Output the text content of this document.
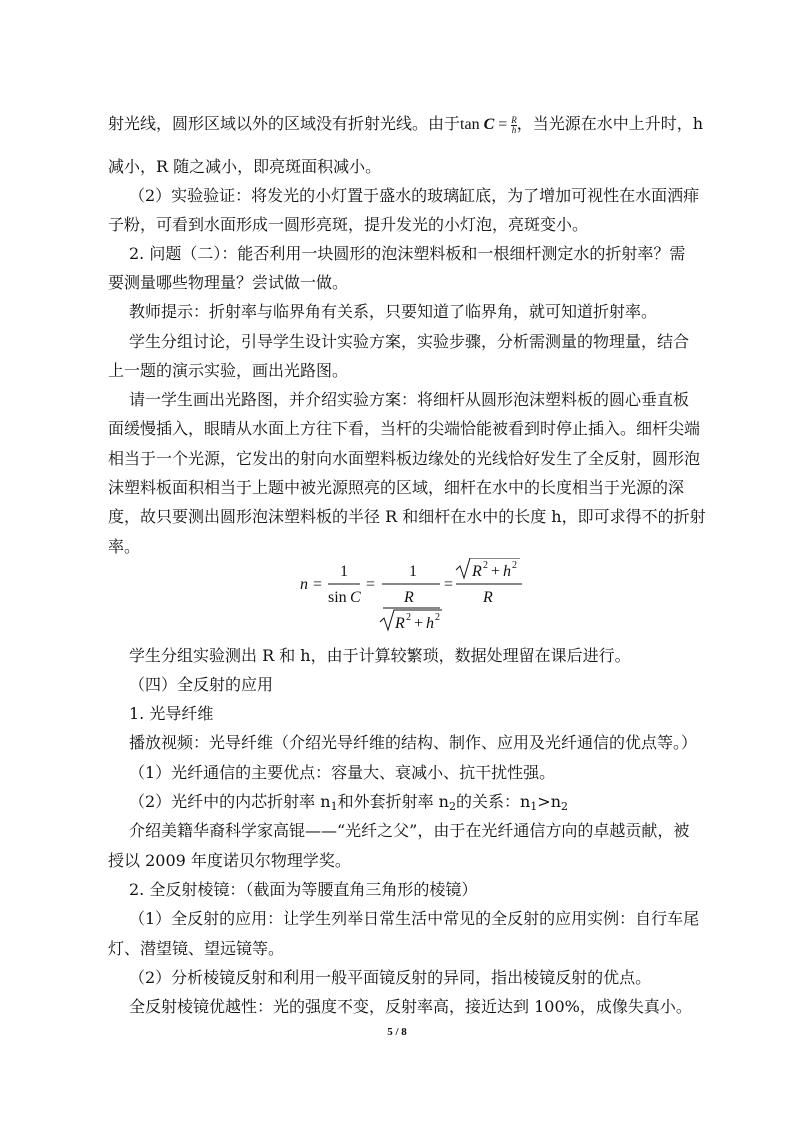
射光线，圆形区域以外的区域没有折射光线。由于$\tan C = \frac{R}{h}$ ，当光源在水中上升时，h
减小，R 随之减小，即亮斑面积减小。
（2）实验验证：将发光的小灯置于盛水的玻璃缸底，为了增加可视性在水面洒痱
子粉，可看到水面形成一圆形亮斑，提升发光的小灯泡，亮斑变小。
2. 问题（二）：能否利用一块圆形的泡沫塑料板和一根细杆测定水的折射率？需
要测量哪些物理量？尝试做一做。
教师提示：折射率与临界角有关系，只要知道了临界角，就可知道折射率。
学生分组讨论，引导学生设计实验方案，实验步骤，分析需测量的物理量，结合
上一题的演示实验，画出光路图。
请一学生画出光路图，并介绍实验方案：将细杆从圆形泡沫塑料板的圆心垂直板
面缓慢插入，眼睛从水面上方往下看，当杆的尖端恰能被看到时停止插入。细杆尖端
相当于一个光源，它发出的射向水面塑料板边缘处的光线恰好发生了全反射，圆形泡
沫塑料板面积相当于上题中被光源照亮的区域，细杆在水中的长度相当于光源的深
度，故只要测出圆形泡沫塑料板的半径 R 和细杆在水中的长度 h，即可求得不的折射
率。
n =
1
sin C
=
1
R
R 2 + h 2
=
R 2 + h 2
R
学生分组实验测出 R 和 h，由于计算较繁琐，数据处理留在课后进行。
（四）全反射的应用
1. 光导纤维
播放视频：光导纤维（介绍光导纤维的结构、制作、应用及光纤通信的优点等。）
（1）光纤通信的主要优点：容量大、衰减小、抗干扰性强。
（2）光纤中的内芯折射率 $n_1$和外套折射率 $n_2$的关系：$n_1>n_2$
介绍美籍华裔科学家高锟——“光纤之父”，由于在光纤通信方向的卓越贡献，被
授以 2009 年度诺贝尔物理学奖。
2. 全反射棱镜：（截面为等腰直角三角形的棱镜）
（1）全反射的应用：让学生列举日常生活中常见的全反射的应用实例：自行车尾
灯、潜望镜、望远镜等。
（2）分析棱镜反射和利用一般平面镜反射的异同，指出棱镜反射的优点。
全反射棱镜优越性：光的强度不变，反射率高，接近达到 100%，成像失真小。
5 / 8
